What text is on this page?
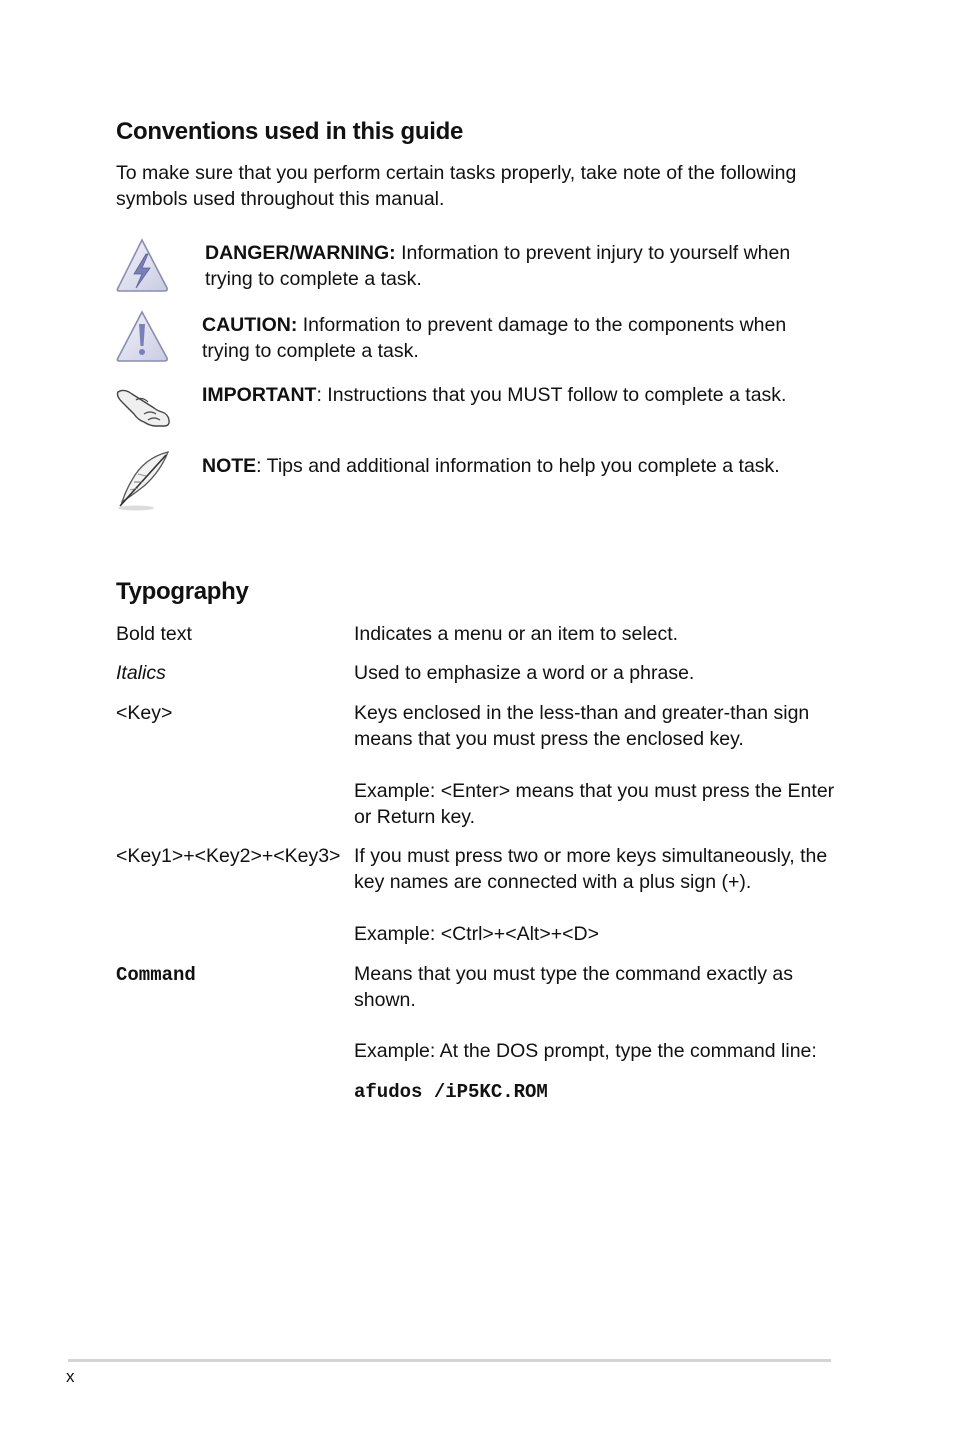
Conventions used in this guide
To make sure that you perform certain tasks properly, take note of the following symbols used throughout this manual.
DANGER/WARNING: Information to prevent injury to yourself when trying to complete a task.
CAUTION: Information to prevent damage to the components when trying to complete a task.
IMPORTANT: Instructions that you MUST follow to complete a task.
NOTE: Tips and additional information to help you complete a task.
Typography
Bold text	Indicates a menu or an item to select.
Italics	Used to emphasize a word or a phrase.
<Key>	Keys enclosed in the less-than and greater-than sign means that you must press the enclosed key.
Example: <Enter> means that you must press the Enter or Return key.
<Key1>+<Key2>+<Key3> If you must press two or more keys simultaneously, the key names are connected with a plus sign (+).
Example: <Ctrl>+<Alt>+<D>
Command	Means that you must type the command exactly as shown.
Example: At the DOS prompt, type the command line:
afudos /iP5KC.ROM
x
